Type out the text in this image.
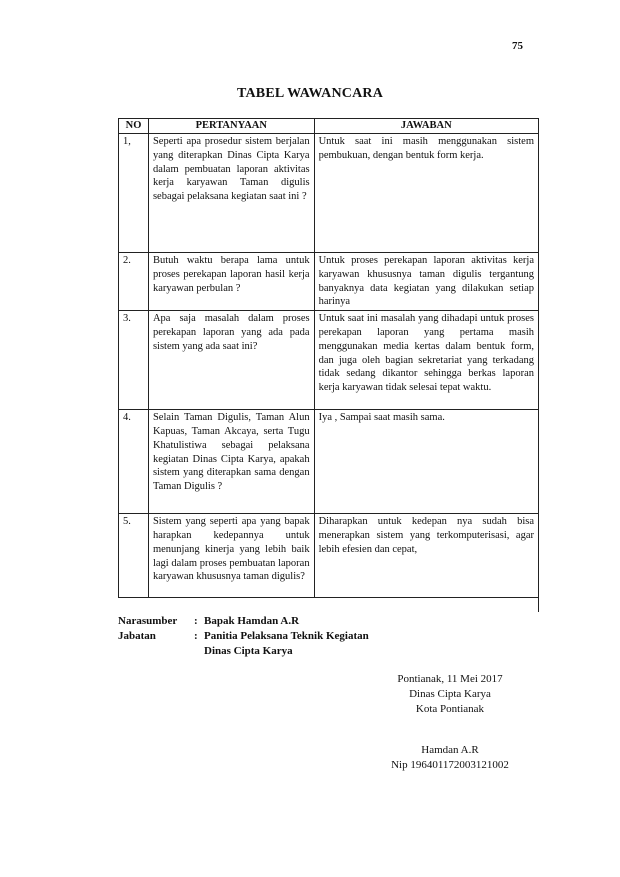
75
TABEL WAWANCARA
NO	PERTANYAAN	JAWABAN
1,	Seperti apa prosedur sistem berjalan yang diterapkan Dinas Cipta Karya dalam pembuatan laporan aktivitas kerja karyawan Taman digulis sebagai pelaksana kegiatan saat ini ?	Untuk saat ini masih menggunakan sistem pembukuan, dengan bentuk form kerja.
2.	Butuh waktu berapa lama untuk proses perekapan laporan hasil kerja karyawan perbulan ?	Untuk proses perekapan laporan aktivitas kerja karyawan khususnya taman digulis tergantung banyaknya data kegiatan yang dilakukan setiap harinya
3.	Apa saja masalah dalam proses perekapan laporan yang ada pada sistem yang ada saat ini?	Untuk saat ini masalah yang dihadapi untuk proses perekapan laporan yang pertama masih menggunakan media kertas dalam bentuk form, dan juga oleh bagian sekretariat yang terkadang tidak sedang dikantor sehingga berkas laporan kerja karyawan tidak selesai tepat waktu.
4.	Selain Taman Digulis, Taman Alun Kapuas, Taman Akcaya, serta Tugu Khatulistiwa sebagai pelaksana kegiatan Dinas Cipta Karya, apakah sistem yang diterapkan sama dengan Taman Digulis ?	Iya , Sampai saat masih sama.
5.	Sistem yang seperti apa yang bapak harapkan kedepannya untuk menunjang kinerja yang lebih baik lagi dalam proses pembuatan laporan karyawan khususnya taman digulis?	Diharapkan untuk kedepan nya sudah bisa menerapkan sistem yang terkomputerisasi, agar lebih efesien dan cepat,
Narasumber : Bapak Hamdan A.R
Jabatan	: Panitia Pelaksana Teknik Kegiatan
Dinas Cipta Karya
Pontianak, 11 Mei 2017
Dinas Cipta Karya
Kota Pontianak
Hamdan A.R
Nip 196401172003121002
